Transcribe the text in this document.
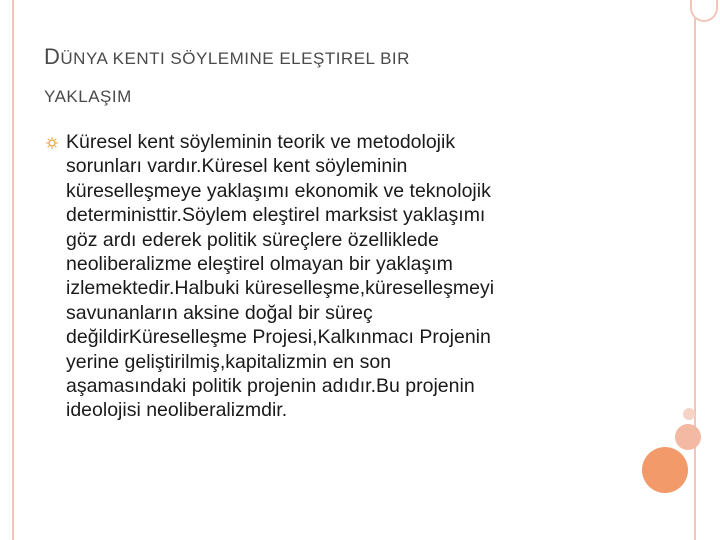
DÜNYA KENTI SÖYLEMINE ELEŞTIREL BIR
YAKLAŞIM
Küresel kent söyleminin teorik ve metodolojik
sorunları vardır.Küresel kent söyleminin
küreselleşmeye yaklaşımı ekonomik ve teknolojik
deterministtir.Söylem eleştirel marksist yaklaşımı
göz ardı ederek politik süreçlere özelliklede
neoliberalizme eleştirel olmayan bir yaklaşım
izlemektedir.Halbuki küreselleşme,küreselleşmeyi
savunanların aksine doğal bir süreç
değildirKüreselleşme Projesi,Kalkınmacı Projenin
yerine geliştirilmiş,kapitalizmin en son
aşamasındaki politik projenin adıdır.Bu projenin
ideolojisi neoliberalizmdir.
